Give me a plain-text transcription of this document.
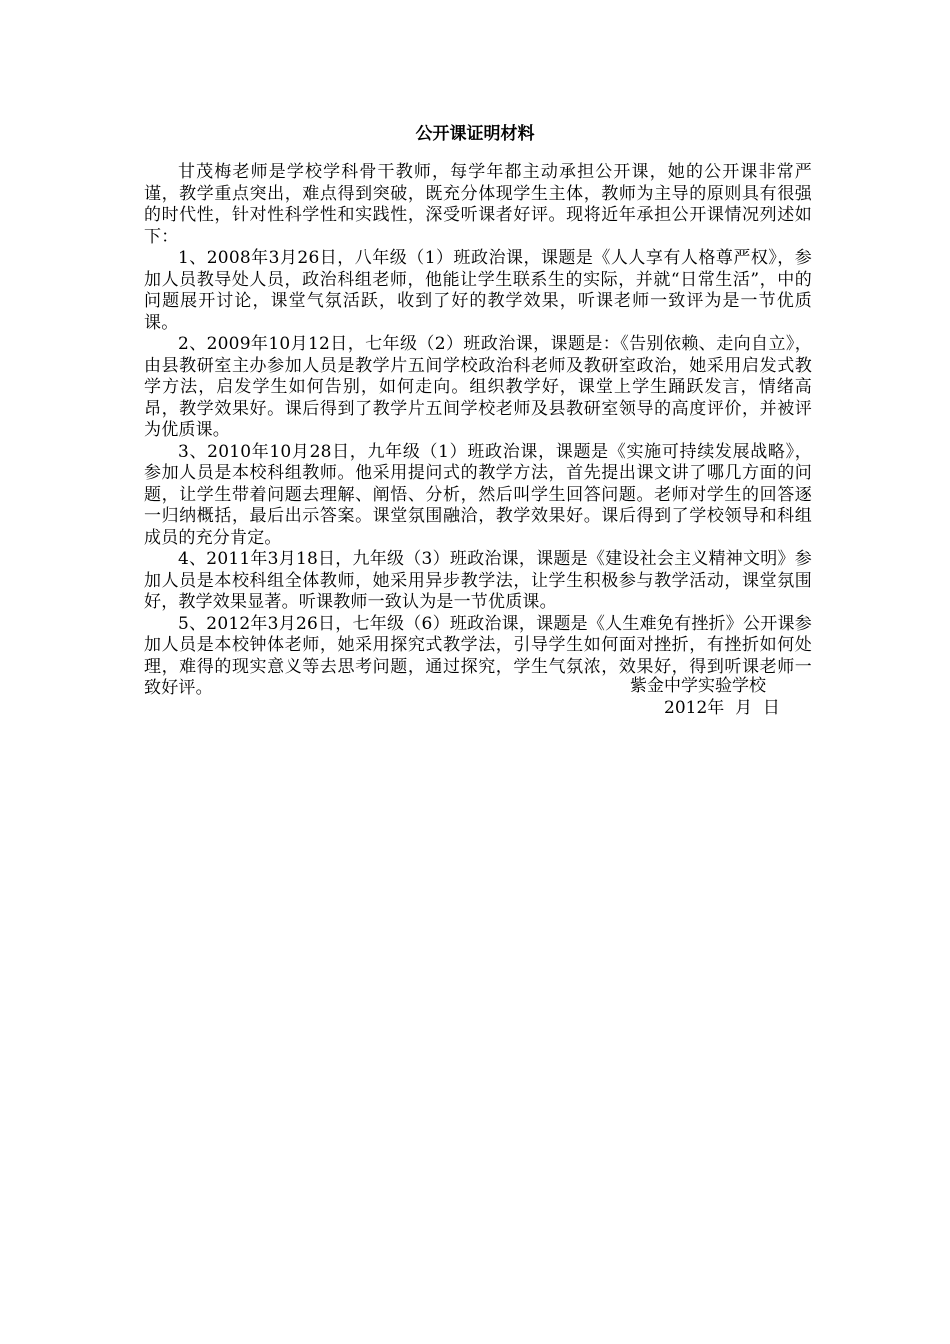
公开课证明材料

甘茂梅老师是学校学科骨干教师，每学年都主动承担公开课，她的公开课非常严谨，教学重点突出，难点得到突破，既充分体现学生主体，教师为主导的原则具有很强的时代性，针对性科学性和实践性，深受听课者好评。现将近年承担公开课情况列述如下：

1、2008年3月26日，八年级（1）班政治课，课题是《人人享有人格尊严权》，参加人员教导处人员，政治科组老师，他能让学生联系生的实际，并就“日常生活”，中的问题展开讨论，课堂气氛活跃，收到了好的教学效果，听课老师一致评为是一节优质课。

2、2009年10月12日，七年级（2）班政治课，课题是：《告别依赖、走向自立》，由县教研室主办参加人员是教学片五间学校政治科老师及教研室政治，她采用启发式教学方法，启发学生如何告别，如何走向。组织教学好，课堂上学生踊跃发言，情绪高昂，教学效果好。课后得到了教学片五间学校老师及县教研室领导的高度评价，并被评为优质课。

3、2010年10月28日，九年级（1）班政治课，课题是《实施可持续发展战略》，参加人员是本校科组教师。他采用提问式的教学方法，首先提出课文讲了哪几方面的问题，让学生带着问题去理解、阐悟、分析，然后叫学生回答问题。老师对学生的回答逐一归纳概括，最后出示答案。课堂氛围融洽，教学效果好。课后得到了学校领导和科组成员的充分肯定。

4、2011年3月18日，九年级（3）班政治课，课题是《建设社会主义精神文明》参加人员是本校科组全体教师，她采用异步教学法，让学生积极参与教学活动，课堂氛围好，教学效果显著。听课教师一致认为是一节优质课。

5、2012年3月26日，七年级（6）班政治课，课题是《人生难免有挫折》公开课参加人员是本校钟体老师，她采用探究式教学法，引导学生如何面对挫折，有挫折如何处理，难得的现实意义等去思考问题，通过探究，学生气氛浓，效果好，得到听课老师一致好评。	紫金中学实验学校
2012年  月  日
